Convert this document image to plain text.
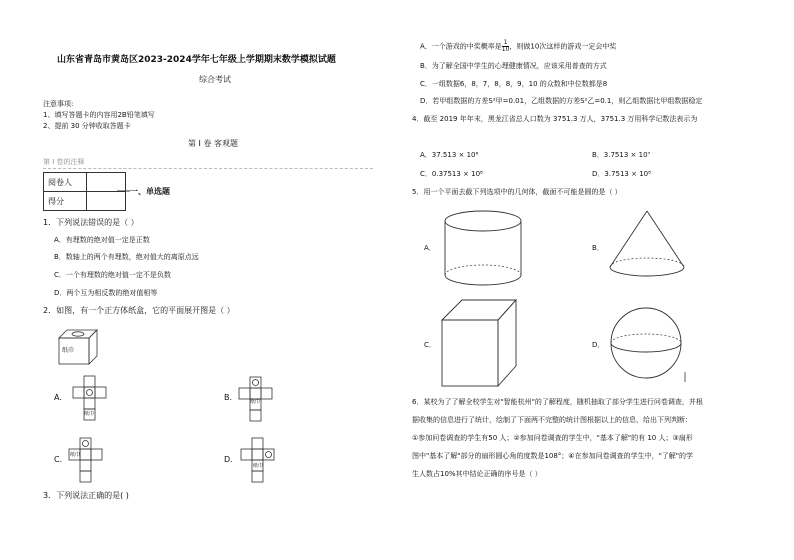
山东省青岛市黄岛区2023-2024学年七年级上学期期末数学模拟试题
综合考试
注意事项:
1、填写答题卡的内容用2B铅笔填写
2、提前 30 分钟收取答题卡
第 I 卷 客观题
第 I 卷的注释
阅卷人	
得分	
一、单选题
1．下列说法错误的是（ ）
A．有理数的绝对值一定是正数
B．数轴上的两个有理数，绝对值大的离原点远
C．一个有理数的绝对值一定不是负数
D．两个互为相反数的绝对值相等
2．如图，有一个正方体纸盒，它的平面展开图是（ ）
纸巾
A.
纸巾
B.	纸巾
C. 纸巾	D.
纸巾
3．下列说法正确的是( )
A．一个游戏的中奖概率是 $\frac{1}{10}$ ，则做10次这样的游戏一定会中奖
B．为了解全国中学生的心理健康情况，应该采用普查的方式
C．一组数据6，8，7，8，8，9，10 的众数和中位数都是8
D．若甲组数据的方差S²甲=0.01，乙组数据的方差S²乙=0.1，则乙组数据比甲组数据稳定
4．截至 2019 年年末，黑龙江省总人口数为 3751.3 万人，3751.3 万用科学记数法表示为
A．37.513 × 10⁶	B．3.7513 × 10⁷
C．0.37513 × 10⁸	D．3.7513 × 10⁸
5．用一个平面去截下列选项中的几何体，截面不可能是圆的是（ ）
A．	B．
C．	D．
6．某校为了了解全校学生对"智能杭州"的了解程度，随机抽取了部分学生进行问卷调查，并根
据收集的信息进行了统计，绘制了下面两不完整的统计图根据以上的信息，给出下列判断：
①参加问卷调查的学生有50 人；②参加问卷调查的学生中，"基本了解"的有 10 人；③扇形
图中"基本了解"部分的扇形圆心角的度数是108°；④在参加问卷调查的学生中，"了解"的学
生人数占10%其中结论正确的序号是（ ）
